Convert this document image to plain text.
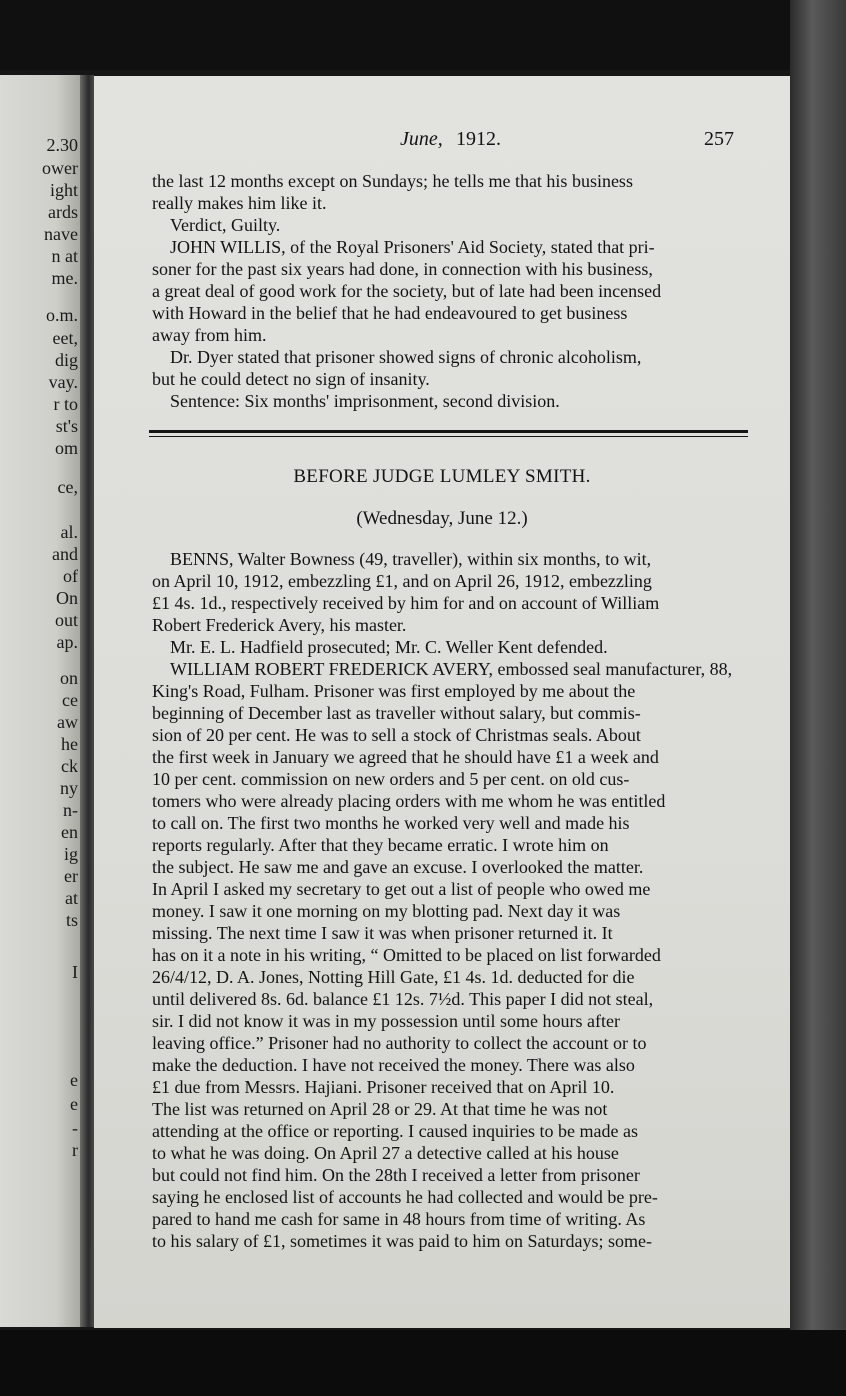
2.30
ower
ight
ards
nave
n at
me.
o.m.
eet,
dig
vay.
r to
st's
om
ce,
al.
and
of
On
out
ap.
on
ce
aw
he
ck
ny
n-
en
ig
er
at
ts
I
e
e
-
r
June, 1912.	257
the last 12 months except on Sundays; he tells me that his business
really makes him like it.
Verdict, Guilty.
JOHN WILLIS, of the Royal Prisoners' Aid Society, stated that pri-
soner for the past six years had done, in connection with his business,
a great deal of good work for the society, but of late had been incensed
with Howard in the belief that he had endeavoured to get business
away from him.
Dr. Dyer stated that prisoner showed signs of chronic alcoholism,
but he could detect no sign of insanity.
Sentence: Six months' imprisonment, second division.
BEFORE JUDGE LUMLEY SMITH.
(Wednesday, June 12.)
BENNS, Walter Bowness (49, traveller), within six months, to wit,
on April 10, 1912, embezzling £1, and on April 26, 1912, embezzling
£1 4s. 1d., respectively received by him for and on account of William
Robert Frederick Avery, his master.
Mr. E. L. Hadfield prosecuted; Mr. C. Weller Kent defended.
WILLIAM ROBERT FREDERICK AVERY, embossed seal manufacturer, 88,
King's Road, Fulham. Prisoner was first employed by me about the
beginning of December last as traveller without salary, but commis-
sion of 20 per cent. He was to sell a stock of Christmas seals. About
the first week in January we agreed that he should have £1 a week and
10 per cent. commission on new orders and 5 per cent. on old cus-
tomers who were already placing orders with me whom he was entitled
to call on. The first two months he worked very well and made his
reports regularly. After that they became erratic. I wrote him on
the subject. He saw me and gave an excuse. I overlooked the matter.
In April I asked my secretary to get out a list of people who owed me
money. I saw it one morning on my blotting pad. Next day it was
missing. The next time I saw it was when prisoner returned it. It
has on it a note in his writing, “ Omitted to be placed on list forwarded
26/4/12, D. A. Jones, Notting Hill Gate, £1 4s. 1d. deducted for die
until delivered 8s. 6d. balance £1 12s. 7½d. This paper I did not steal,
sir. I did not know it was in my possession until some hours after
leaving office.” Prisoner had no authority to collect the account or to
make the deduction. I have not received the money. There was also
£1 due from Messrs. Hajiani. Prisoner received that on April 10.
The list was returned on April 28 or 29. At that time he was not
attending at the office or reporting. I caused inquiries to be made as
to what he was doing. On April 27 a detective called at his house
but could not find him. On the 28th I received a letter from prisoner
saying he enclosed list of accounts he had collected and would be pre-
pared to hand me cash for same in 48 hours from time of writing. As
to his salary of £1, sometimes it was paid to him on Saturdays; some-
